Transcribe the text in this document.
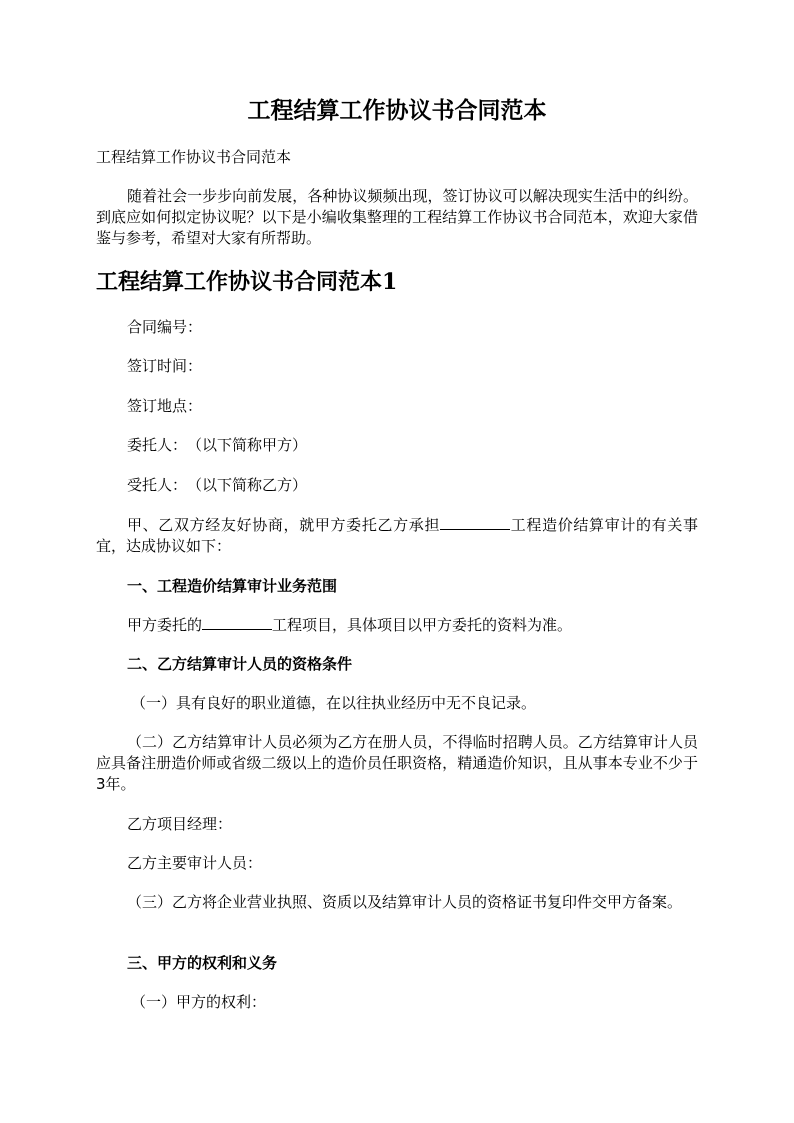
工程结算工作协议书合同范本

工程结算工作协议书合同范本

随着社会一步步向前发展，各种协议频频出现，签订协议可以解决现实生活中的纠纷。到底应如何拟定协议呢？以下是小编收集整理的工程结算工作协议书合同范本，欢迎大家借鉴与参考，希望对大家有所帮助。

工程结算工作协议书合同范本1

合同编号：

签订时间：

签订地点：

委托人：　（以下简称甲方）

受托人：　（以下简称乙方）

甲、乙双方经友好协商，就甲方委托乙方承担	工程造价结算审计的有关事宜，达成协议如下：

一、工程造价结算审计业务范围

甲方委托的	工程项目，具体项目以甲方委托的资料为准。

二、乙方结算审计人员的资格条件

（一）具有良好的职业道德，在以往执业经历中无不良记录。

（二）乙方结算审计人员必须为乙方在册人员，不得临时招聘人员。乙方结算审计人员应具备注册造价师或省级二级以上的造价员任职资格，精通造价知识，且从事本专业不少于3年。

乙方项目经理：

乙方主要审计人员：

（三）乙方将企业营业执照、资质以及结算审计人员的资格证书复印件交甲方备案。

三、甲方的权利和义务

（一）甲方的权利：
